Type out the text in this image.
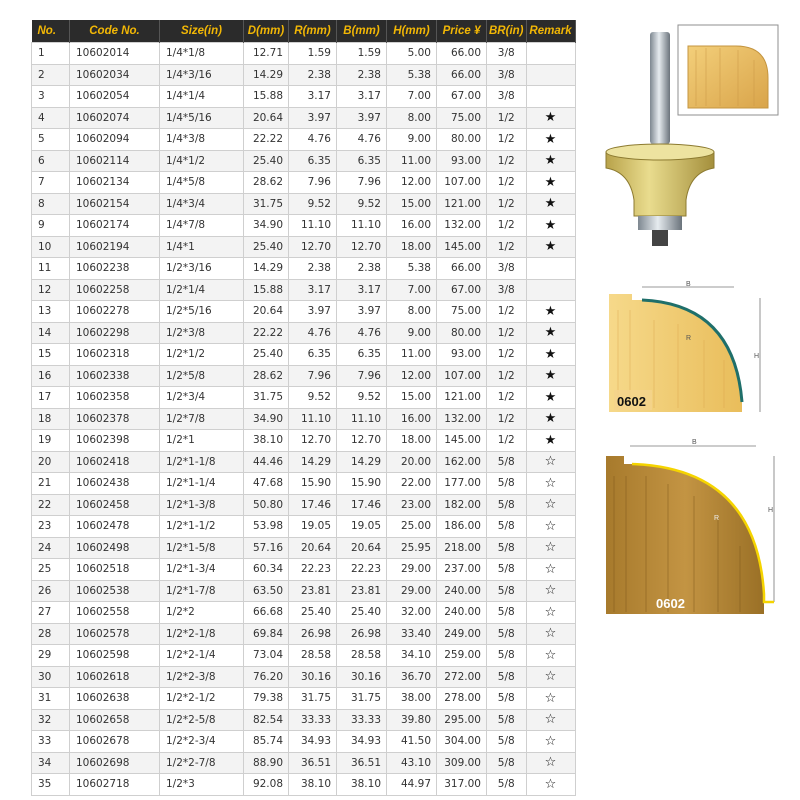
No.	Code No.	Size(in)	D(mm)	R(mm)	B(mm)	H(mm)	Price ¥	BR(in)	Remark
1	10602014	1/4*1/8	12.71	1.59	1.59	5.00	66.00	3/8	
2	10602034	1/4*3/16	14.29	2.38	2.38	5.38	66.00	3/8	
3	10602054	1/4*1/4	15.88	3.17	3.17	7.00	67.00	3/8	
4	10602074	1/4*5/16	20.64	3.97	3.97	8.00	75.00	1/2	★
5	10602094	1/4*3/8	22.22	4.76	4.76	9.00	80.00	1/2	★
6	10602114	1/4*1/2	25.40	6.35	6.35	11.00	93.00	1/2	★
7	10602134	1/4*5/8	28.62	7.96	7.96	12.00	107.00	1/2	★
8	10602154	1/4*3/4	31.75	9.52	9.52	15.00	121.00	1/2	★
9	10602174	1/4*7/8	34.90	11.10	11.10	16.00	132.00	1/2	★
10	10602194	1/4*1	25.40	12.70	12.70	18.00	145.00	1/2	★
11	10602238	1/2*3/16	14.29	2.38	2.38	5.38	66.00	3/8	
12	10602258	1/2*1/4	15.88	3.17	3.17	7.00	67.00	3/8	
13	10602278	1/2*5/16	20.64	3.97	3.97	8.00	75.00	1/2	★
14	10602298	1/2*3/8	22.22	4.76	4.76	9.00	80.00	1/2	★
15	10602318	1/2*1/2	25.40	6.35	6.35	11.00	93.00	1/2	★
16	10602338	1/2*5/8	28.62	7.96	7.96	12.00	107.00	1/2	★
17	10602358	1/2*3/4	31.75	9.52	9.52	15.00	121.00	1/2	★
18	10602378	1/2*7/8	34.90	11.10	11.10	16.00	132.00	1/2	★
19	10602398	1/2*1	38.10	12.70	12.70	18.00	145.00	1/2	★
20	10602418	1/2*1-1/8	44.46	14.29	14.29	20.00	162.00	5/8	☆
21	10602438	1/2*1-1/4	47.68	15.90	15.90	22.00	177.00	5/8	☆
22	10602458	1/2*1-3/8	50.80	17.46	17.46	23.00	182.00	5/8	☆
23	10602478	1/2*1-1/2	53.98	19.05	19.05	25.00	186.00	5/8	☆
24	10602498	1/2*1-5/8	57.16	20.64	20.64	25.95	218.00	5/8	☆
25	10602518	1/2*1-3/4	60.34	22.23	22.23	29.00	237.00	5/8	☆
26	10602538	1/2*1-7/8	63.50	23.81	23.81	29.00	240.00	5/8	☆
27	10602558	1/2*2	66.68	25.40	25.40	32.00	240.00	5/8	☆
28	10602578	1/2*2-1/8	69.84	26.98	26.98	33.40	249.00	5/8	☆
29	10602598	1/2*2-1/4	73.04	28.58	28.58	34.10	259.00	5/8	☆
30	10602618	1/2*2-3/8	76.20	30.16	30.16	36.70	272.00	5/8	☆
31	10602638	1/2*2-1/2	79.38	31.75	31.75	38.00	278.00	5/8	☆
32	10602658	1/2*2-5/8	82.54	33.33	33.33	39.80	295.00	5/8	☆
33	10602678	1/2*2-3/4	85.74	34.93	34.93	41.50	304.00	5/8	☆
34	10602698	1/2*2-7/8	88.90	36.51	36.51	43.10	309.00	5/8	☆
35	10602718	1/2*3	92.08	38.10	38.10	44.97	317.00	5/8	☆
B
H
R
0602
B
H
R
0602
